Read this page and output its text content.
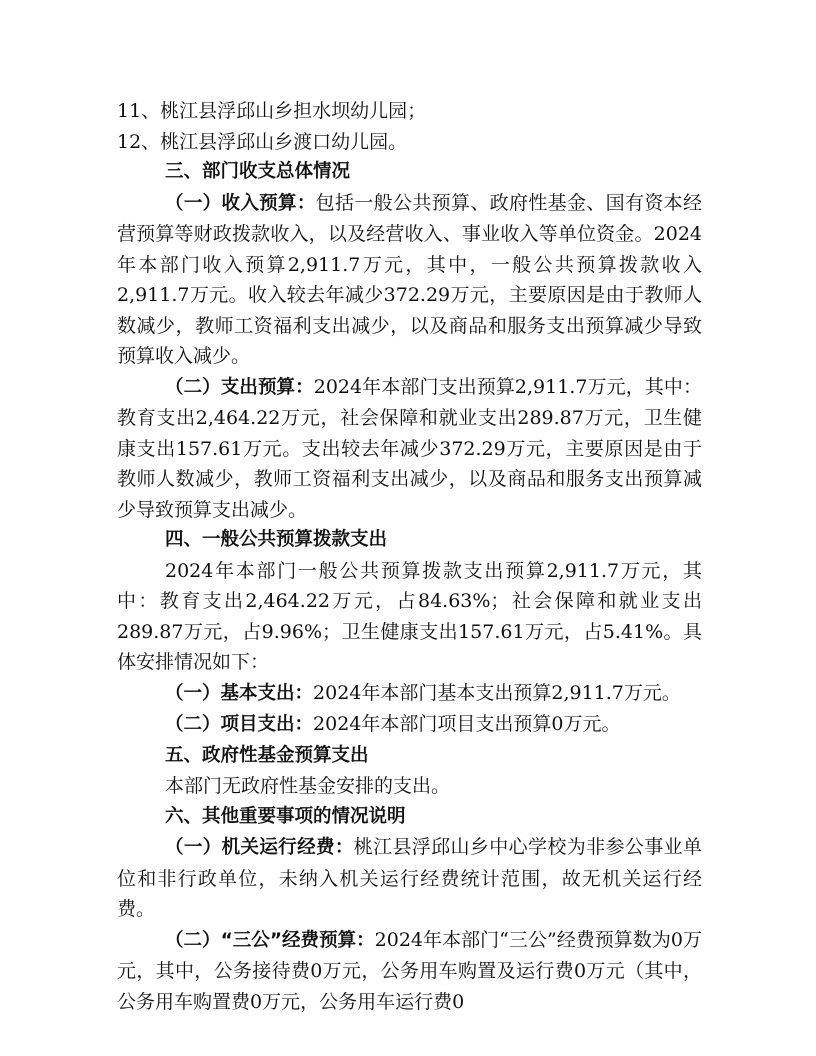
11、桃江县浮邱山乡担水坝幼儿园；

12、桃江县浮邱山乡渡口幼儿园。

三、部门收支总体情况

（一）收入预算：包括一般公共预算、政府性基金、国有资本经营预算等财政拨款收入，以及经营收入、事业收入等单位资金。2024年本部门收入预算2,911.7万元，其中，一般公共预算拨款收入2,911.7万元。收入较去年减少372.29万元，主要原因是由于教师人数减少，教师工资福利支出减少，以及商品和服务支出预算减少导致预算收入减少。

（二）支出预算：2024年本部门支出预算2,911.7万元，其中：教育支出2,464.22万元，社会保障和就业支出289.87万元，卫生健康支出157.61万元。支出较去年减少372.29万元，主要原因是由于教师人数减少，教师工资福利支出减少，以及商品和服务支出预算减少导致预算支出减少。

四、一般公共预算拨款支出

2024年本部门一般公共预算拨款支出预算2,911.7万元，其中：教育支出2,464.22万元，占84.63%；社会保障和就业支出289.87万元，占9.96%；卫生健康支出157.61万元，占5.41%。具体安排情况如下：

（一）基本支出：2024年本部门基本支出预算2,911.7万元。

（二）项目支出：2024年本部门项目支出预算0万元。

五、政府性基金预算支出

本部门无政府性基金安排的支出。

六、其他重要事项的情况说明

（一）机关运行经费：桃江县浮邱山乡中心学校为非参公事业单位和非行政单位，未纳入机关运行经费统计范围，故无机关运行经费。

（二）“三公”经费预算：2024年本部门“三公”经费预算数为0万元，其中，公务接待费0万元，公务用车购置及运行费0万元（其中，公务用车购置费0万元，公务用车运行费0
